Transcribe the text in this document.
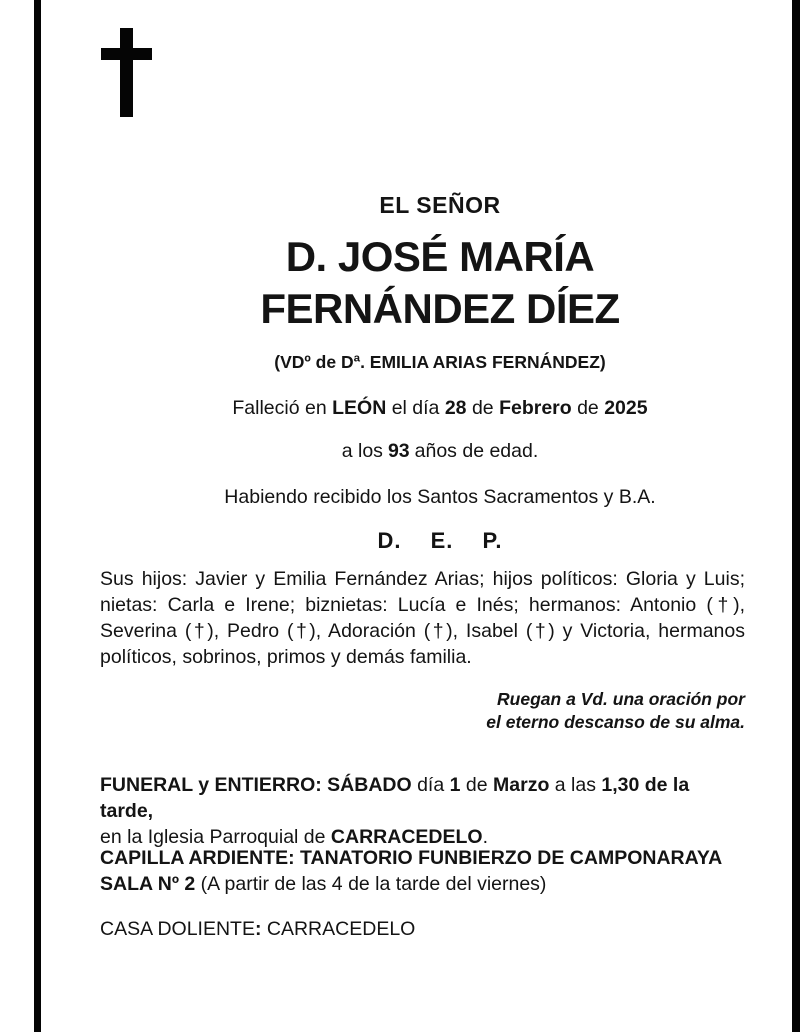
EL SEÑOR
D. JOSÉ MARÍA
FERNÁNDEZ DÍEZ
(VDº de Dª. EMILIA ARIAS FERNÁNDEZ)
Falleció en LEÓN el día 28 de Febrero de 2025
a los 93 años de edad.
Habiendo recibido los Santos Sacramentos y B.A.
D. E. P.
Sus hijos: Javier y Emilia Fernández Arias; hijos políticos: Gloria y Luis; nietas: Carla e Irene; biznietas: Lucía e Inés; hermanos: Antonio (†), Severina (†), Pedro (†), Adoración (†), Isabel (†) y Victoria, hermanos políticos, sobrinos, primos y demás familia.
Ruegan a Vd. una oración por
el eterno descanso de su alma.
FUNERAL y ENTIERRO: SÁBADO día 1 de Marzo a las 1,30 de la tarde,
en la Iglesia Parroquial de CARRACEDELO.
CAPILLA ARDIENTE: TANATORIO FUNBIERZO DE CAMPONARAYA
SALA Nº 2 (A partir de las 4 de la tarde del viernes)
CASA DOLIENTE: CARRACEDELO
